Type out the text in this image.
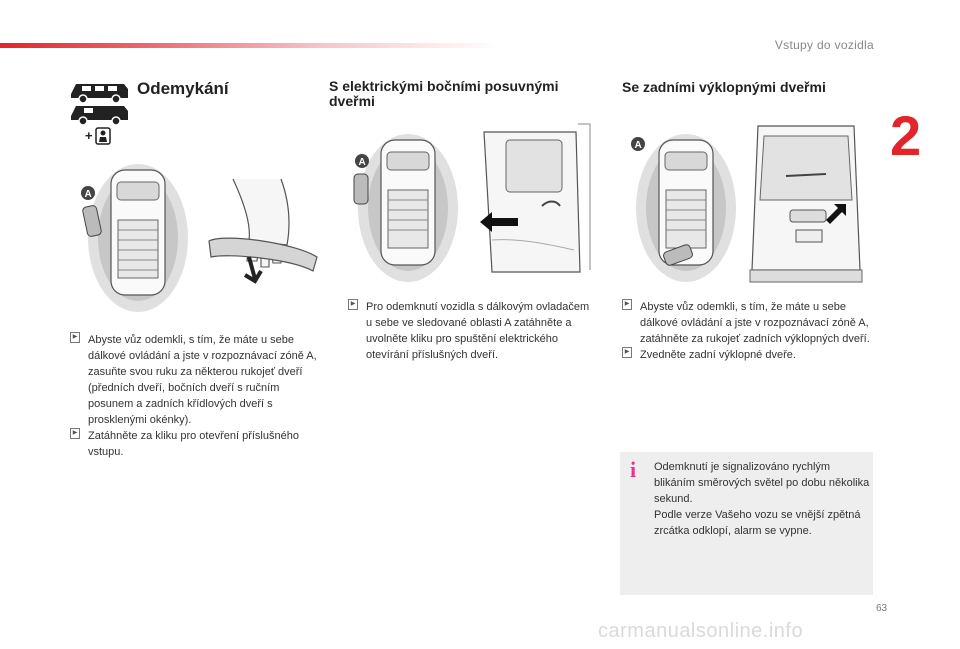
Vstupy do vozidla
2
+
Odemykání
A
▶ Abyste vůz odemkli, s tím, že máte u sebe dálkové ovládání a jste v rozpoznávací zóně A, zasuňte svou ruku za některou rukojeť dveří (předních dveří, bočních dveří s ručním posunem a zadních křídlových dveří s prosklenými okénky).
▶ Zatáhněte za kliku pro otevření příslušného vstupu.
S elektrickými bočními posuvnými dveřmi
A
▶ Pro odemknutí vozidla s dálkovým ovladačem u sebe ve sledované oblasti A zatáhněte a uvolněte kliku pro spuštění elektrického otevírání příslušných dveří.
Se zadními výklopnými dveřmi
A
▶ Abyste vůz odemkli, s tím, že máte u sebe dálkové ovládání a jste v rozpoznávací zóně A, zatáhněte za rukojeť zadních výklopných dveří.
▶ Zvedněte zadní výklopné dveře.
i Odemknutí je signalizováno rychlým blikáním směrových světel po dobu několika sekund.
Podle verze Vašeho vozu se vnější zpětná zrcátka odklopí, alarm se vypne.
63
carmanualsonline.info
